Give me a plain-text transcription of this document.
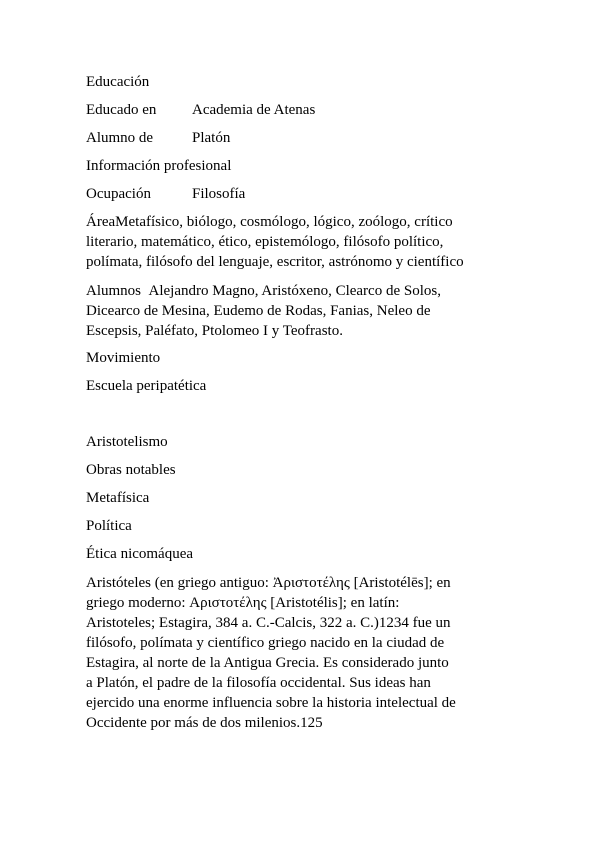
Educación
Educado en Academia de Atenas
Alumno de	Platón
Información profesional
Ocupación	Filosofía
ÁreaMetafísico, biólogo, cosmólogo, lógico, zoólogo, crítico
literario, matemático, ético, epistemólogo, filósofo político,
polímata, filósofo del lenguaje, escritor, astrónomo y científico
Alumnos Alejandro Magno, Aristóxeno, Clearco de Solos,
Dicearco de Mesina, Eudemo de Rodas, Fanias, Neleo de
Escepsis, Paléfato, Ptolomeo I y Teofrasto.
Movimiento
Escuela peripatética
Aristotelismo
Obras notables
Metafísica
Política
Ética nicomáquea
Aristóteles (en griego antiguo: Ἀριστοτέλης [Aristotélēs]; en
griego moderno: Αριστοτέλης [Aristotélis]; en latín:
Aristoteles; Estagira, 384 a. C.-Calcis, 322 a. C.)1234 fue un
filósofo, polímata y científico griego nacido en la ciudad de
Estagira, al norte de la Antigua Grecia. Es considerado junto
a Platón, el padre de la filosofía occidental. Sus ideas han
ejercido una enorme influencia sobre la historia intelectual de
Occidente por más de dos milenios.125
